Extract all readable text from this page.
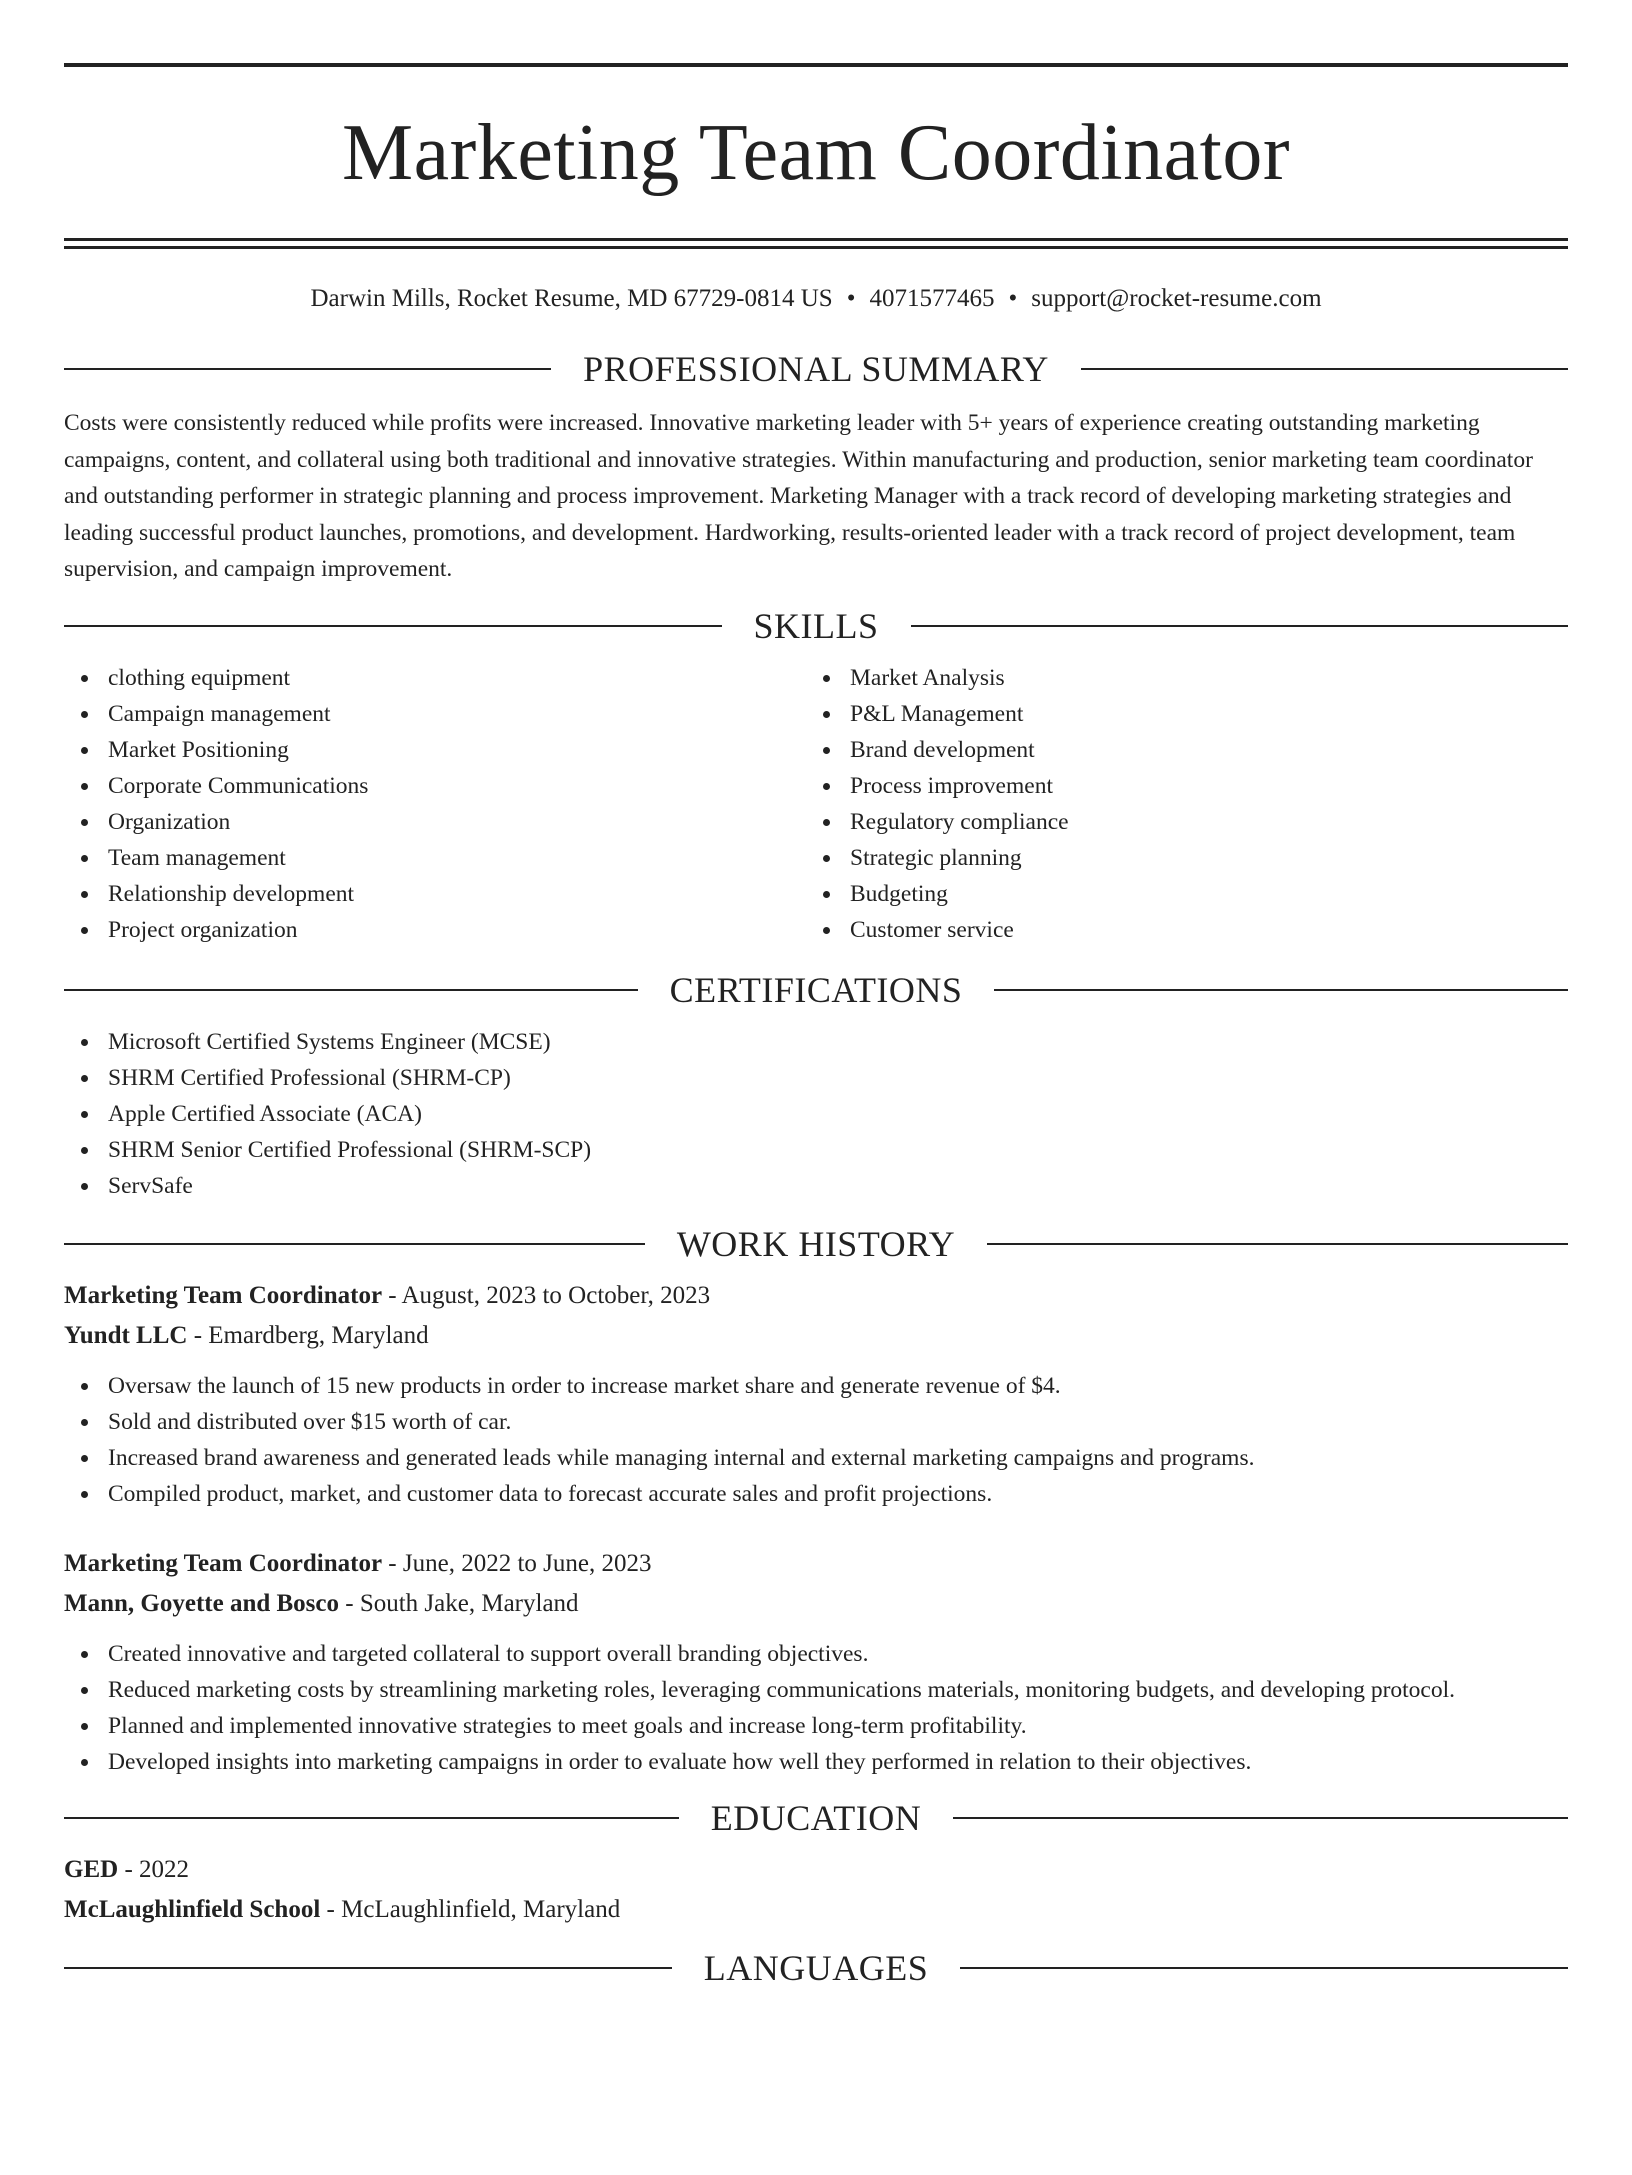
Marketing Team Coordinator
Darwin Mills, Rocket Resume, MD 67729-0814 US • 4071577465 • support@rocket-resume.com
PROFESSIONAL SUMMARY

Costs were consistently reduced while profits were increased. Innovative marketing leader with 5+ years of experience creating outstanding marketing campaigns, content, and collateral using both traditional and innovative strategies. Within manufacturing and production, senior marketing team coordinator and outstanding performer in strategic planning and process improvement. Marketing Manager with a track record of developing marketing strategies and leading successful product launches, promotions, and development. Hardworking, results-oriented leader with a track record of project development, team supervision, and campaign improvement.

SKILLS
clothing equipment
Campaign management
Market Positioning
Corporate Communications
Organization
Team management
Relationship development
Project organization
Market Analysis
P&L Management
Brand development
Process improvement
Regulatory compliance
Strategic planning
Budgeting
Customer service
CERTIFICATIONS
Microsoft Certified Systems Engineer (MCSE)
SHRM Certified Professional (SHRM-CP)
Apple Certified Associate (ACA)
SHRM Senior Certified Professional (SHRM-SCP)
ServSafe
WORK HISTORY
Marketing Team Coordinator - August, 2023 to October, 2023
Yundt LLC - Emardberg, Maryland
Oversaw the launch of 15 new products in order to increase market share and generate revenue of $4.
Sold and distributed over $15 worth of car.
Increased brand awareness and generated leads while managing internal and external marketing campaigns and programs.
Compiled product, market, and customer data to forecast accurate sales and profit projections.
Marketing Team Coordinator - June, 2022 to June, 2023
Mann, Goyette and Bosco - South Jake, Maryland
Created innovative and targeted collateral to support overall branding objectives.
Reduced marketing costs by streamlining marketing roles, leveraging communications materials, monitoring budgets, and developing protocol.
Planned and implemented innovative strategies to meet goals and increase long-term profitability.
Developed insights into marketing campaigns in order to evaluate how well they performed in relation to their objectives.
EDUCATION
GED - 2022
McLaughlinfield School - McLaughlinfield, Maryland
LANGUAGES
